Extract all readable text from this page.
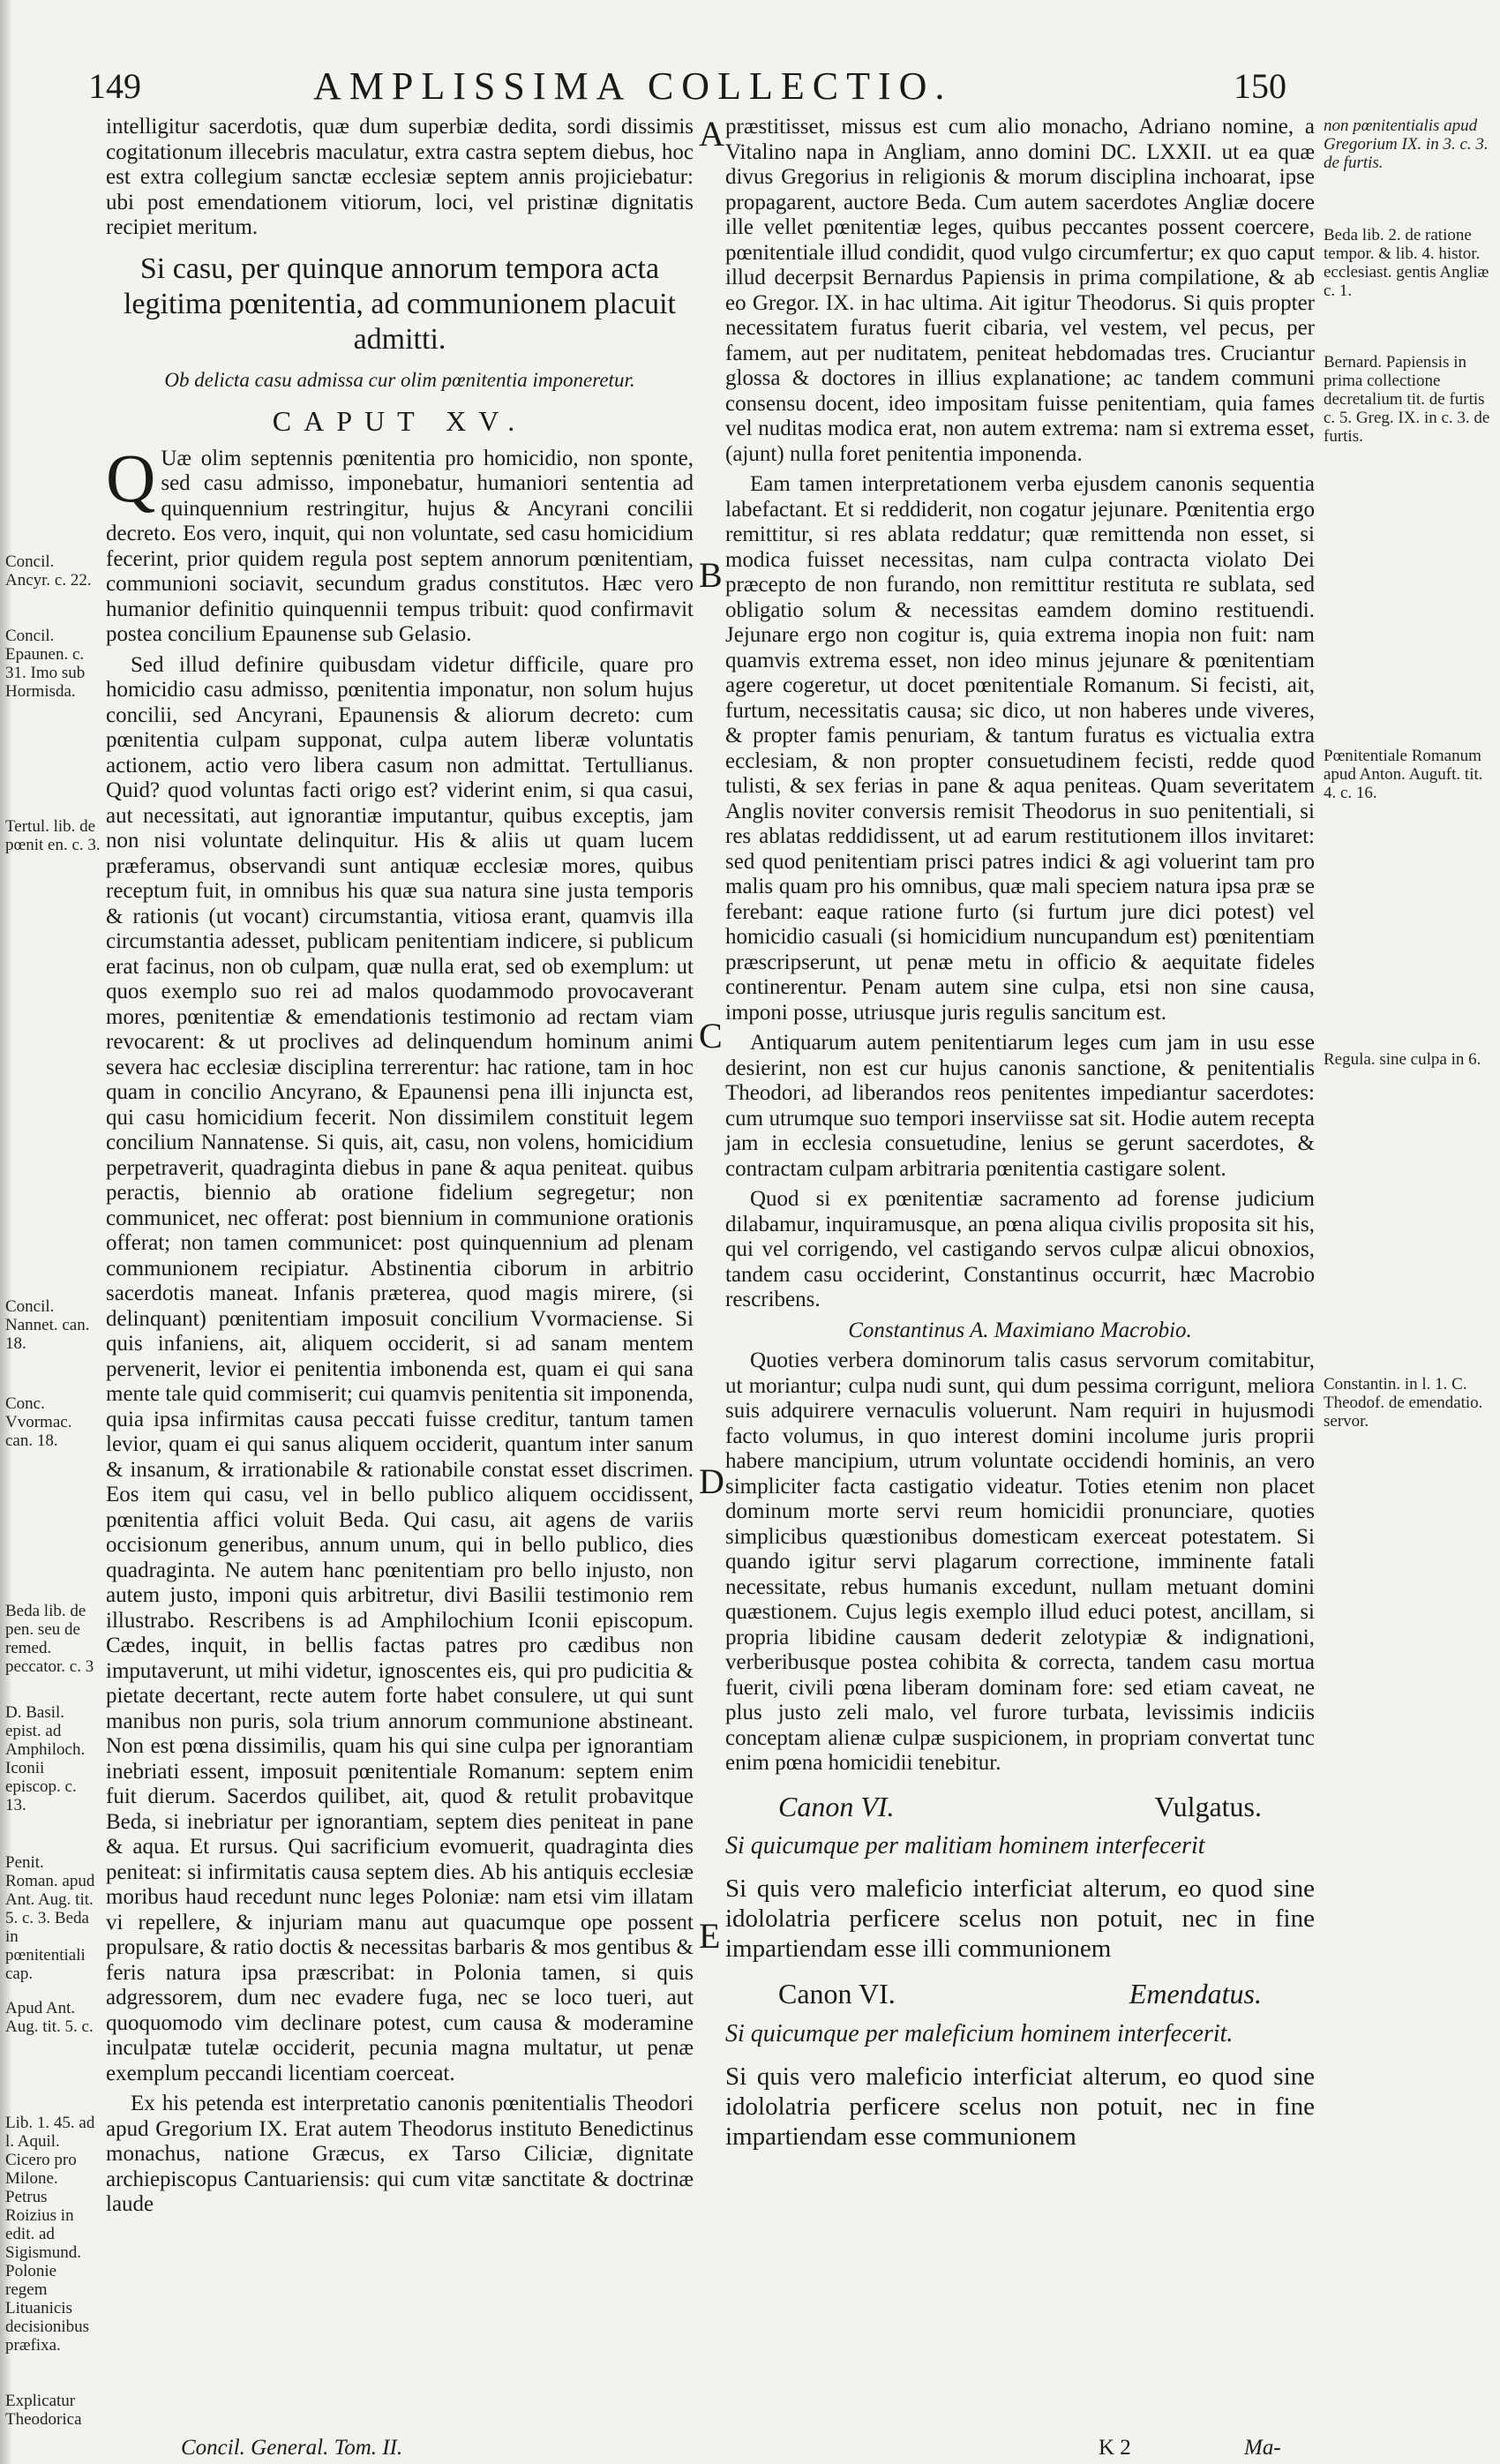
149	AMPLISSIMA COLLECTIO.	150
Concil. Ancyr. c. 22.
Concil. Epaunen. c. 31. Imo sub Hormisda.
Tertul. lib. de pœnit en. c. 3.
Concil. Nannet. can. 18.
Conc. Vvormac. can. 18.
Beda lib. de pen. seu de remed. peccator. c. 3
D. Basil. epist. ad Amphiloch. Iconii episcop. c. 13.
Penit. Roman. apud Ant. Aug. tit. 5. c. 3. Beda in pœnitentiali cap.
Apud Ant. Aug. tit. 5. c.
Lib. 1. 45. ad l. Aquil. Cicero pro Milone. Petrus Roizius in edit. ad Sigismund. Polonie regem Lituanicis decisionibus præfixa.
Explicatur Theodorica

intelligitur sacerdotis, quæ dum superbiæ dedita, sordi dissimis cogitationum illecebris maculatur, extra castra septem diebus, hoc est extra collegium sanctæ ecclesiæ septem annis projiciebatur: ubi post emendationem vitiorum, loci, vel pristinæ dignitatis recipiet meritum.

Si casu, per quinque annorum tempora acta legitima pœnitentia, ad communionem placuit admitti.
Ob delicta casu admissa cur olim pœnitentia imponeretur.
CAPUT XV.

Q Uæ olim septennis pœnitentia pro homicidio, non sponte, sed casu admisso, imponebatur, humaniori sententia ad quinquennium restringitur, hujus & Ancyrani concilii decreto. Eos vero, inquit, qui non voluntate, sed casu homicidium fecerint, prior quidem regula post septem annorum pœnitentiam, communioni sociavit, secundum gradus constitutos. Hæc vero humanior definitio quinquennii tempus tribuit: quod confirmavit postea concilium Epaunense sub Gelasio.

Sed illud definire quibusdam videtur difficile, quare pro homicidio casu admisso, pœnitentia imponatur, non solum hujus concilii, sed Ancyrani, Epaunensis & aliorum decreto: cum pœnitentia culpam supponat, culpa autem liberæ voluntatis actionem, actio vero libera casum non admittat. Tertullianus. Quid? quod voluntas facti origo est? viderint enim, si qua casui, aut necessitati, aut ignorantiæ imputantur, quibus exceptis, jam non nisi voluntate delinquitur. His & aliis ut quam lucem præferamus, observandi sunt antiquæ ecclesiæ mores, quibus receptum fuit, in omnibus his quæ sua natura sine justa temporis & rationis (ut vocant) circumstantia, vitiosa erant, quamvis illa circumstantia adesset, publicam penitentiam indicere, si publicum erat facinus, non ob culpam, quæ nulla erat, sed ob exemplum: ut quos exemplo suo rei ad malos quodammodo provocaverant mores, pœnitentiæ & emendationis testimonio ad rectam viam revocarent: & ut proclives ad delinquendum hominum animi severa hac ecclesiæ disciplina terrerentur: hac ratione, tam in hoc quam in concilio Ancyrano, & Epaunensi pena illi injuncta est, qui casu homicidium fecerit. Non dissimilem constituit legem concilium Nannatense. Si quis, ait, casu, non volens, homicidium perpetraverit, quadraginta diebus in pane & aqua peniteat. quibus peractis, biennio ab oratione fidelium segregetur; non communicet, nec offerat: post biennium in communione orationis offerat; non tamen communicet: post quinquennium ad plenam communionem recipiatur. Abstinentia ciborum in arbitrio sacerdotis maneat. Infanis præterea, quod magis mirere, (si delinquant) pœnitentiam imposuit concilium Vvormaciense. Si quis infaniens, ait, aliquem occiderit, si ad sanam mentem pervenerit, levior ei penitentia imbonenda est, quam ei qui sana mente tale quid commiserit; cui quamvis penitentia sit imponenda, quia ipsa infirmitas causa peccati fuisse creditur, tantum tamen levior, quam ei qui sanus aliquem occiderit, quantum inter sanum & insanum, & irrationabile & rationabile constat esset discrimen. Eos item qui casu, vel in bello publico aliquem occidissent, pœnitentia affici voluit Beda. Qui casu, ait agens de variis occisionum generibus, annum unum, qui in bello publico, dies quadraginta. Ne autem hanc pœnitentiam pro bello injusto, non autem justo, imponi quis arbitretur, divi Basilii testimonio rem illustrabo. Rescribens is ad Amphilochium Iconii episcopum. Cædes, inquit, in bellis factas patres pro cædibus non imputaverunt, ut mihi videtur, ignoscentes eis, qui pro pudicitia & pietate decertant, recte autem forte habet consulere, ut qui sunt manibus non puris, sola trium annorum communione abstineant. Non est pœna dissimilis, quam his qui sine culpa per ignorantiam inebriati essent, imposuit pœnitentiale Romanum: septem enim fuit dierum. Sacerdos quilibet, ait, quod & retulit probavitque Beda, si inebriatur per ignorantiam, septem dies peniteat in pane & aqua. Et rursus. Qui sacrificium evomuerit, quadraginta dies peniteat: si infirmitatis causa septem dies. Ab his antiquis ecclesiæ moribus haud recedunt nunc leges Poloniæ: nam etsi vim illatam vi repellere, & injuriam manu aut quacumque ope possent propulsare, & ratio doctis & necessitas barbaris & mos gentibus & feris natura ipsa præscribat: in Polonia tamen, si quis adgressorem, dum nec evadere fuga, nec se loco tueri, aut quoquomodo vim declinare potest, cum causa & moderamine inculpatæ tutelæ occiderit, pecunia magna multatur, ut penæ exemplum peccandi licentiam coerceat.

Ex his petenda est interpretatio canonis pœnitentialis Theodori apud Gregorium IX. Erat autem Theodorus instituto Benedictinus monachus, natione Græcus, ex Tarso Ciliciæ, dignitate archiepiscopus Cantuariensis: qui cum vitæ sanctitate & doctrinæ laude

Concil. General. Tom. II.
A
B
C
D
E

præstitisset, missus est cum alio monacho, Adriano nomine, a Vitalino napa in Angliam, anno domini DC. LXXII. ut ea quæ divus Gregorius in religionis & morum disciplina inchoarat, ipse propagarent, auctore Beda. Cum autem sacerdotes Angliæ docere ille vellet pœnitentiæ leges, quibus peccantes possent coercere, pœnitentiale illud condidit, quod vulgo circumfertur; ex quo caput illud decerpsit Bernardus Papiensis in prima compilatione, & ab eo Gregor. IX. in hac ultima. Ait igitur Theodorus. Si quis propter necessitatem furatus fuerit cibaria, vel vestem, vel pecus, per famem, aut per nuditatem, peniteat hebdomadas tres. Cruciantur glossa & doctores in illius explanatione; ac tandem communi consensu docent, ideo impositam fuisse penitentiam, quia fames vel nuditas modica erat, non autem extrema: nam si extrema esset, (ajunt) nulla foret penitentia imponenda.

Eam tamen interpretationem verba ejusdem canonis sequentia labefactant. Et si reddiderit, non cogatur jejunare. Pœnitentia ergo remittitur, si res ablata reddatur; quæ remittenda non esset, si modica fuisset necessitas, nam culpa contracta violato Dei præcepto de non furando, non remittitur restituta re sublata, sed obligatio solum & necessitas eamdem domino restituendi. Jejunare ergo non cogitur is, quia extrema inopia non fuit: nam quamvis extrema esset, non ideo minus jejunare & pœnitentiam agere cogeretur, ut docet pœnitentiale Romanum. Si fecisti, ait, furtum, necessitatis causa; sic dico, ut non haberes unde viveres, & propter famis penuriam, & tantum furatus es victualia extra ecclesiam, & non propter consuetudinem fecisti, redde quod tulisti, & sex ferias in pane & aqua peniteas. Quam severitatem Anglis noviter conversis remisit Theodorus in suo penitentiali, si res ablatas reddidissent, ut ad earum restitutionem illos invitaret: sed quod penitentiam prisci patres indici & agi voluerint tam pro malis quam pro his omnibus, quæ mali speciem natura ipsa præ se ferebant: eaque ratione furto (si furtum jure dici potest) vel homicidio casuali (si homicidium nuncupandum est) pœnitentiam præscripserunt, ut penæ metu in officio & aequitate fideles continerentur. Penam autem sine culpa, etsi non sine causa, imponi posse, utriusque juris regulis sancitum est.

Antiquarum autem penitentiarum leges cum jam in usu esse desierint, non est cur hujus canonis sanctione, & penitentialis Theodori, ad liberandos reos penitentes impediantur sacerdotes: cum utrumque suo tempori inserviisse sat sit. Hodie autem recepta jam in ecclesia consuetudine, lenius se gerunt sacerdotes, & contractam culpam arbitraria pœnitentia castigare solent.

Quod si ex pœnitentiæ sacramento ad forense judicium dilabamur, inquiramusque, an pœna aliqua civilis proposita sit his, qui vel corrigendo, vel castigando servos culpæ alicui obnoxios, tandem casu occiderint, Constantinus occurrit, hæc Macrobio rescribens.

Constantinus A. Maximiano Macrobio.

Quoties verbera dominorum talis casus servorum comitabitur, ut moriantur; culpa nudi sunt, qui dum pessima corrigunt, meliora suis adquirere vernaculis voluerunt. Nam requiri in hujusmodi facto volumus, in quo interest domini incolume juris proprii habere mancipium, utrum voluntate occidendi hominis, an vero simpliciter facta castigatio videatur. Toties etenim non placet dominum morte servi reum homicidii pronunciare, quoties simplicibus quæstionibus domesticam exerceat potestatem. Si quando igitur servi plagarum correctione, imminente fatali necessitate, rebus humanis excedunt, nullam metuant domini quæstionem. Cujus legis exemplo illud educi potest, ancillam, si propria libidine causam dederit zelotypiæ & indignationi, verberibusque postea cohibita & correcta, tandem casu mortua fuerit, civili pœna liberam dominam fore: sed etiam caveat, ne plus justo zeli malo, vel furore turbata, levissimis indiciis conceptam alienæ culpæ suspicionem, in propriam convertat tunc enim pœna homicidii tenebitur.

Canon VI.	Vulgatus.
Si quicumque per malitiam hominem interfecerit
Si quis vero maleficio interficiat alterum, eo quod sine idololatria perficere scelus non potuit, nec in fine impartiendam esse illi communionem
Canon VI.	Emendatus.
Si quicumque per maleficium hominem interfecerit.
Si quis vero maleficio interficiat alterum, eo quod sine idololatria perficere scelus non potuit, nec in fine impartiendam esse communionem
K 2	Ma-
non pœnitentialis apud Gregorium IX. in 3. c. 3. de furtis.
Beda lib. 2. de ratione tempor. & lib. 4. histor. ecclesiast. gentis Angliæ c. 1.
Bernard. Papiensis in prima collectione decretalium tit. de furtis c. 5. Greg. IX. in c. 3. de furtis.
Pœnitentiale Romanum apud Anton. Auguft. tit. 4. c. 16.
Regula. sine culpa in 6.
Constantin. in l. 1. C. Theodof. de emendatio. servor.
